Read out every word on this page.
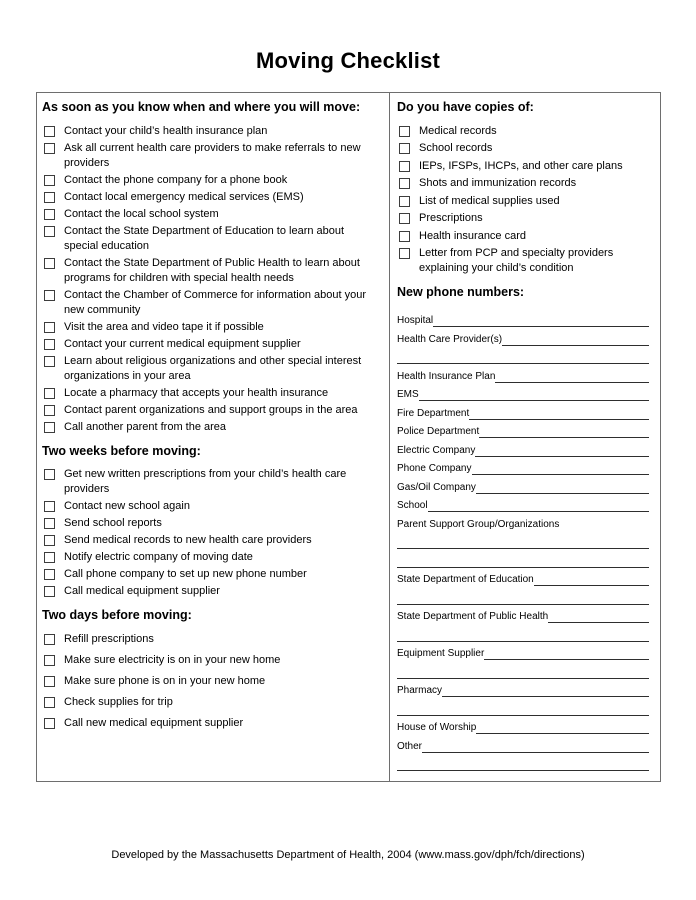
Moving Checklist
As soon as you know when and where you will move:
Contact your child’s health insurance plan
Ask all current health care providers to make referrals to new providers
Contact the phone company for a phone book
Contact local emergency medical services (EMS)
Contact the local school system
Contact the State Department of Education to learn about special education
Contact the State Department of Public Health to learn about programs for children with special health needs
Contact the Chamber of Commerce for information about your new community
Visit the area and video tape it if possible
Contact your current medical equipment supplier
Learn about religious organizations and other special interest organizations in your area
Locate a pharmacy that accepts your health insurance
Contact parent organizations and support groups in the area
Call another parent from the area
Two weeks before moving:
Get new written prescriptions from your child’s health care providers
Contact new school again
Send school reports
Send medical records to new health care providers
Notify electric company of moving date
Call phone company to set up new phone number
Call medical equipment supplier
Two days before moving:
Refill prescriptions
Make sure electricity is on in your new home
Make sure phone is on in your new home
Check supplies for trip
Call new medical equipment supplier
Do you have copies of:
Medical records
School records
IEPs, IFSPs, IHCPs, and other care plans
Shots and immunization records
List of medical supplies used
Prescriptions
Health insurance card
Letter from PCP and specialty providers explaining your child’s condition
New phone numbers:
Hospital
Health Care Provider(s)
Health Insurance Plan
EMS
Fire Department
Police Department
Electric Company
Phone Company
Gas/Oil Company
School
Parent Support Group/Organizations
State Department of Education
State Department of Public Health
Equipment Supplier
Pharmacy
House of Worship
Other
Developed by the Massachusetts Department of Health, 2004 (www.mass.gov/dph/fch/directions)
